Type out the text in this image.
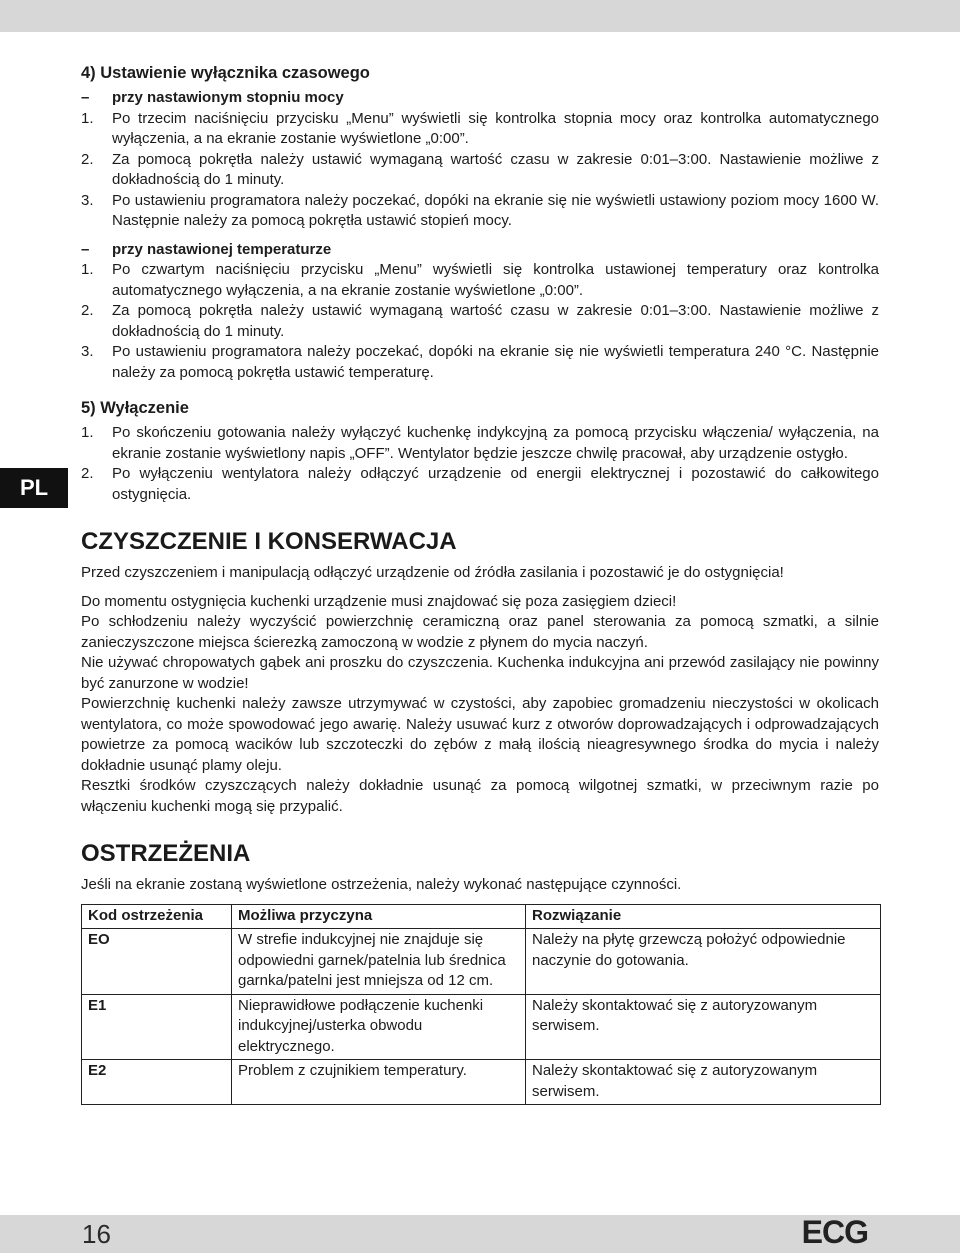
PL
4) Ustawienie wyłącznika czasowego
– przy nastawionym stopniu mocy
1. Po trzecim naciśnięciu przycisku „Menu” wyświetli się kontrolka stopnia mocy oraz kontrolka automatycznego wyłączenia, a na ekranie zostanie wyświetlone „0:00”.
2. Za pomocą pokrętła należy ustawić wymaganą wartość czasu w zakresie 0:01–3:00. Nastawienie możliwe z dokładnością do 1 minuty.
3. Po ustawieniu programatora należy poczekać, dopóki na ekranie się nie wyświetli ustawiony poziom mocy 1600 W. Następnie należy za pomocą pokrętła ustawić stopień mocy.
– przy nastawionej temperaturze
1. Po czwartym naciśnięciu przycisku „Menu” wyświetli się kontrolka ustawionej temperatury oraz kontrolka automatycznego wyłączenia, a na ekranie zostanie wyświetlone „0:00”.
2. Za pomocą pokrętła należy ustawić wymaganą wartość czasu w zakresie 0:01–3:00. Nastawienie możliwe z dokładnością do 1 minuty.
3. Po ustawieniu programatora należy poczekać, dopóki na ekranie się nie wyświetli temperatura 240 °C. Następnie należy za pomocą pokrętła ustawić temperaturę.
5) Wyłączenie
1. Po skończeniu gotowania należy wyłączyć kuchenkę indykcyjną za pomocą przycisku włączenia/ wyłączenia, na ekranie zostanie wyświetlony napis „OFF”. Wentylator będzie jeszcze chwilę pracował, aby urządzenie ostygło.
2. Po wyłączeniu wentylatora należy odłączyć urządzenie od energii elektrycznej i pozostawić do całkowitego ostygnięcia.
CZYSZCZENIE I KONSERWACJA

Przed czyszczeniem i manipulacją odłączyć urządzenie od źródła zasilania i pozostawić je do ostygnięcia!

Do momentu ostygnięcia kuchenki urządzenie musi znajdować się poza zasięgiem dzieci!

Po schłodzeniu należy wyczyścić powierzchnię ceramiczną oraz panel sterowania za pomocą szmatki, a silnie zanieczyszczone miejsca ścierezką zamoczoną w wodzie z płynem do mycia naczyń.

Nie używać chropowatych gąbek ani proszku do czyszczenia. Kuchenka indukcyjna ani przewód zasilający nie powinny być zanurzone w wodzie!

Powierzchnię kuchenki należy zawsze utrzymywać w czystości, aby zapobiec gromadzeniu nieczystości w okolicach wentylatora, co może spowodować jego awarię. Należy usuwać kurz z otworów doprowadzających i odprowadzających powietrze za pomocą wacików lub szczoteczki do zębów z małą ilością nieagresywnego środka do mycia i należy dokładnie usunąć plamy oleju.

Resztki środków czyszczących należy dokładnie usunąć za pomocą wilgotnej szmatki, w przeciwnym razie po włączeniu kuchenki mogą się przypalić.

OSTRZEŻENIA

Jeśli na ekranie zostaną wyświetlone ostrzeżenia, należy wykonać następujące czynności.

Kod ostrzeżenia	Możliwa przyczyna	Rozwiązanie
EO	W strefie indukcyjnej nie znajduje się odpowiedni garnek/patelnia lub średnica garnka/patelni jest mniejsza od 12 cm.	Należy na płytę grzewczą położyć odpowiednie naczynie do gotowania.
E1	Nieprawidłowe podłączenie kuchenki indukcyjnej/usterka obwodu elektrycznego.	Należy skontaktować się z autoryzowanym serwisem.
E2	Problem z czujnikiem temperatury.	Należy skontaktować się z autoryzowanym serwisem.
16	ECG
